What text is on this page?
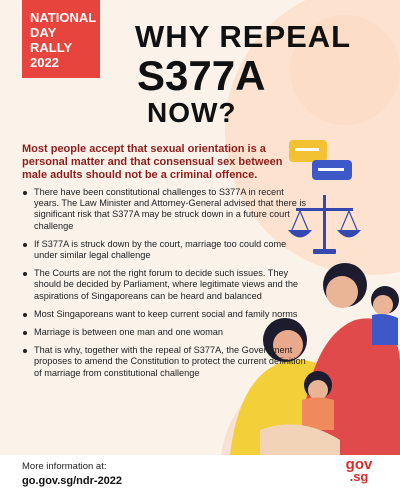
NATIONAL
DAY
RALLY
2022
WHY REPEAL
S377A
NOW?
Most people accept that sexual orientation is a personal matter and that consensual sex between male adults should not be a criminal offence.
There have been constitutional challenges to S377A in recent years. The Law Minister and Attorney-General advised that there is significant risk that S377A may be struck down in a future court challenge
If S377A is struck down by the court, marriage too could come under similar legal challenge
The Courts are not the right forum to decide such issues. They should be decided by Parliament, where legitimate views and the aspirations of Singaporeans can be heard and balanced
Most Singaporeans want to keep current social and family norms
Marriage is between one man and one woman
That is why, together with the repeal of S377A, the Government proposes to amend the Constitution to protect the current definition of marriage from constitutional challenge
More information at:
go.gov.sg/ndr-2022
gov
.sg
